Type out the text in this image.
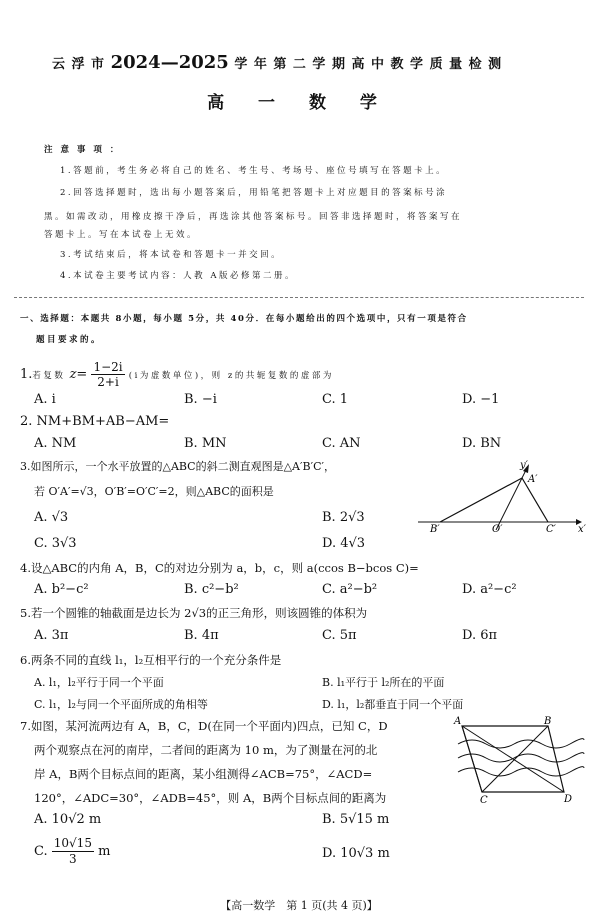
云 浮 市 2024—2025 学 年 第 二 学 期 高 中 教 学 质 量 检 测
高 一 数 学
注 意 事 项 ：
1.答题前，考生务必将自己的姓名、考生号、考场号、座位号填写在答题卡上。
2.回答选择题时，选出每小题答案后，用铅笔把答题卡上对应题目的答案标号涂
黑。如需改动，用橡皮擦干净后，再选涂其他答案标号。回答非选择题时，将答案写在
答题卡上。写在本试卷上无效。
3.考试结束后，将本试卷和答题卡一并交回。
4.本试卷主要考试内容：人教 A版必修第二册。
一、选择题：本题共 8小题，每小题 5分，共 40分．在每小题给出的四个选项中，只有一项是符合
题目要求的。
1.若复数 $z= \frac{1-2i}{2+i} (i$为虚数单位)，则 z的共轭复数的虚部为
A. i	B. −i	C. 1	D. −1
2. NM+BM+AB−AM=
A. NM	B. MN	C. AN	D. BN
3.如图所示，一个水平放置的△ABC的斜二测直观图是△A′B′C′，
若 O′A′=√3，O′B′=O′C′=2，则△ABC的面积是
A. √3	B. 2√3
C. 3√3	D. 4√3
y′
A′
B′	O′	C′ x′
4.设△ABC的内角 A，B，C的对边分别为 a，b，c，则 a(ccos B−bcos C)=
A. b²−c²	B. c²−b²	C. a²−b²	D. a²−c²
5.若一个圆锥的轴截面是边长为 2√3的正三角形，则该圆锥的体积为
A. 3π	B. 4π	C. 5π	D. 6π
6.两条不同的直线 l₁，l₂互相平行的一个充分条件是
A. l₁，l₂平行于同一个平面	B. l₁平行于 l₂所在的平面
C. l₁，l₂与同一个平面所成的角相等	D. l₁，l₂都垂直于同一个平面
7.如图，某河流两边有 A，B，C，D(在同一个平面内)四点，已知 C，D
两个观察点在河的南岸，二者间的距离为 10 m，为了测量在河的北
岸 A，B两个目标点间的距离，某小组测得∠ACB=75°，∠ACD=
120°，∠ADC=30°，∠ADB=45°，则 A，B两个目标点间的距离为
A. 10√2 m	B. 5√15 m
C. $\frac{10√15}{3}$ m	D. 10√3 m
A	B
C	D
【高一数学　第 1 页(共 4 页)】
